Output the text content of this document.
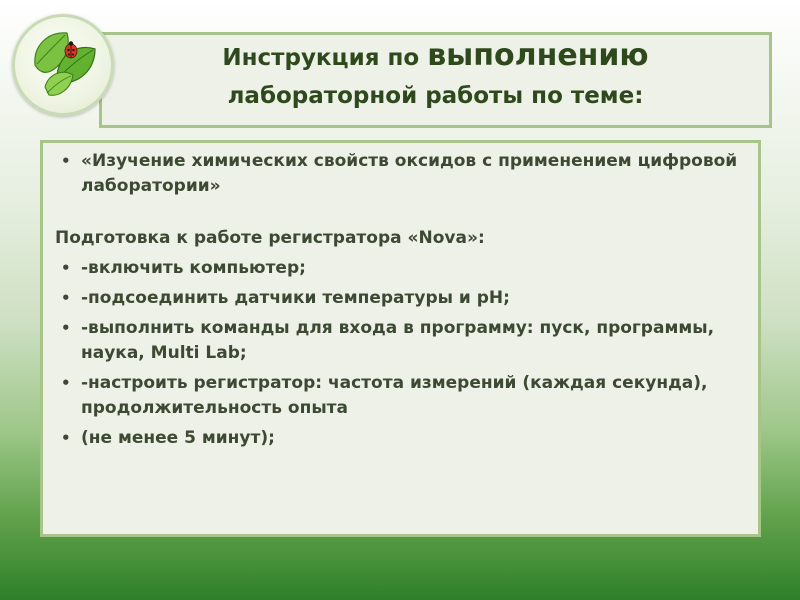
Инструкция по выполнению
лабораторной работы по теме:
• «Изучение химических свойств оксидов с применением цифровой лаборатории»
Подготовка к работе регистратора «Nova»:
• -включить компьютер;
• -подсоединить датчики температуры и pH;
• -выполнить команды для входа в программу: пуск, программы, наука, Multi Lab;
• -настроить регистратор: частота измерений (каждая секунда), продолжительность опыта
• (не менее 5 минут);
